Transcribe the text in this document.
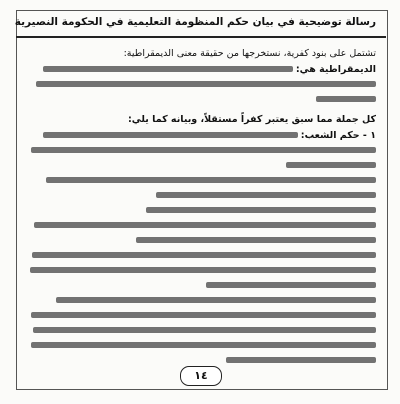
رسالة توضيحية في بيان حكم المنظومة التعليمية في الحكومة النصيرية
تشتمل على بنود كفرية، نستخرجها من حقيقة معنى الديمقراطية:
الديمقراطية هي:
كل جملة مما سبق يعتبر كفراً مستقلاً، وبيانه كما يلي:
١ - حكم الشعب:
١٤
